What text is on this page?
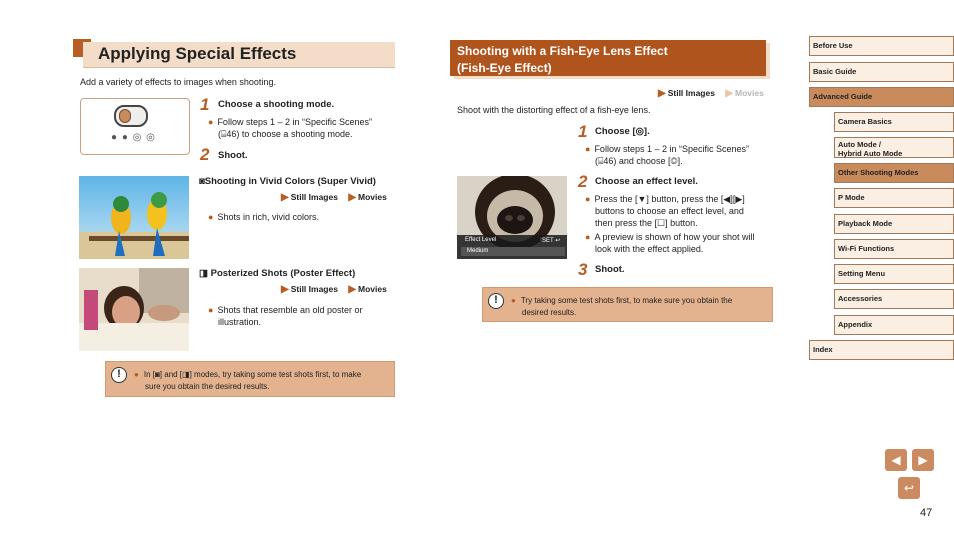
Applying Special Effects
Add a variety of effects to images when shooting.
● ● ◎ ◎
1 Choose a shooting mode.
● Follow steps 1 – 2 in “Specific Scenes”
(​⌸46) to choose a shooting mode.
2 Shoot.
◙Shooting in Vivid Colors (Super Vivid)
▶ Still Images ▶ Movies
● Shots in rich, vivid colors.
◨ Posterized Shots (Poster Effect)
▶ Still Images ▶ Movies
● Shots that resemble an old poster or
illustration.
!	● In [◙] and [◨] modes, try taking some test shots first, to make
sure you obtain the desired results.
Shooting with a Fish-Eye Lens Effect
(Fish-Eye Effect)
▶ Still Images ▶ Movies
Shoot with the distorting effect of a fish-eye lens.
1 Choose [◎].
● Follow steps 1 – 2 in “Specific Scenes”
(⌸46) and choose [◎].
Effect Level	SET ↩
Medium
2 Choose an effect level.
● Press the [▼] button, press the [◀][▶]
buttons to choose an effect level, and
then press the [☐] button.
● A preview is shown of how your shot will
look with the effect applied.
3 Shoot.
!	● Try taking some test shots first, to make sure you obtain the
desired results.
Before Use
Basic Guide
Advanced Guide
Camera Basics
Auto Mode /
Hybrid Auto Mode
Other Shooting Modes
P Mode
Playback Mode
Wi-Fi Functions
Setting Menu
Accessories
Appendix
Index
◀	▶
↩
47
